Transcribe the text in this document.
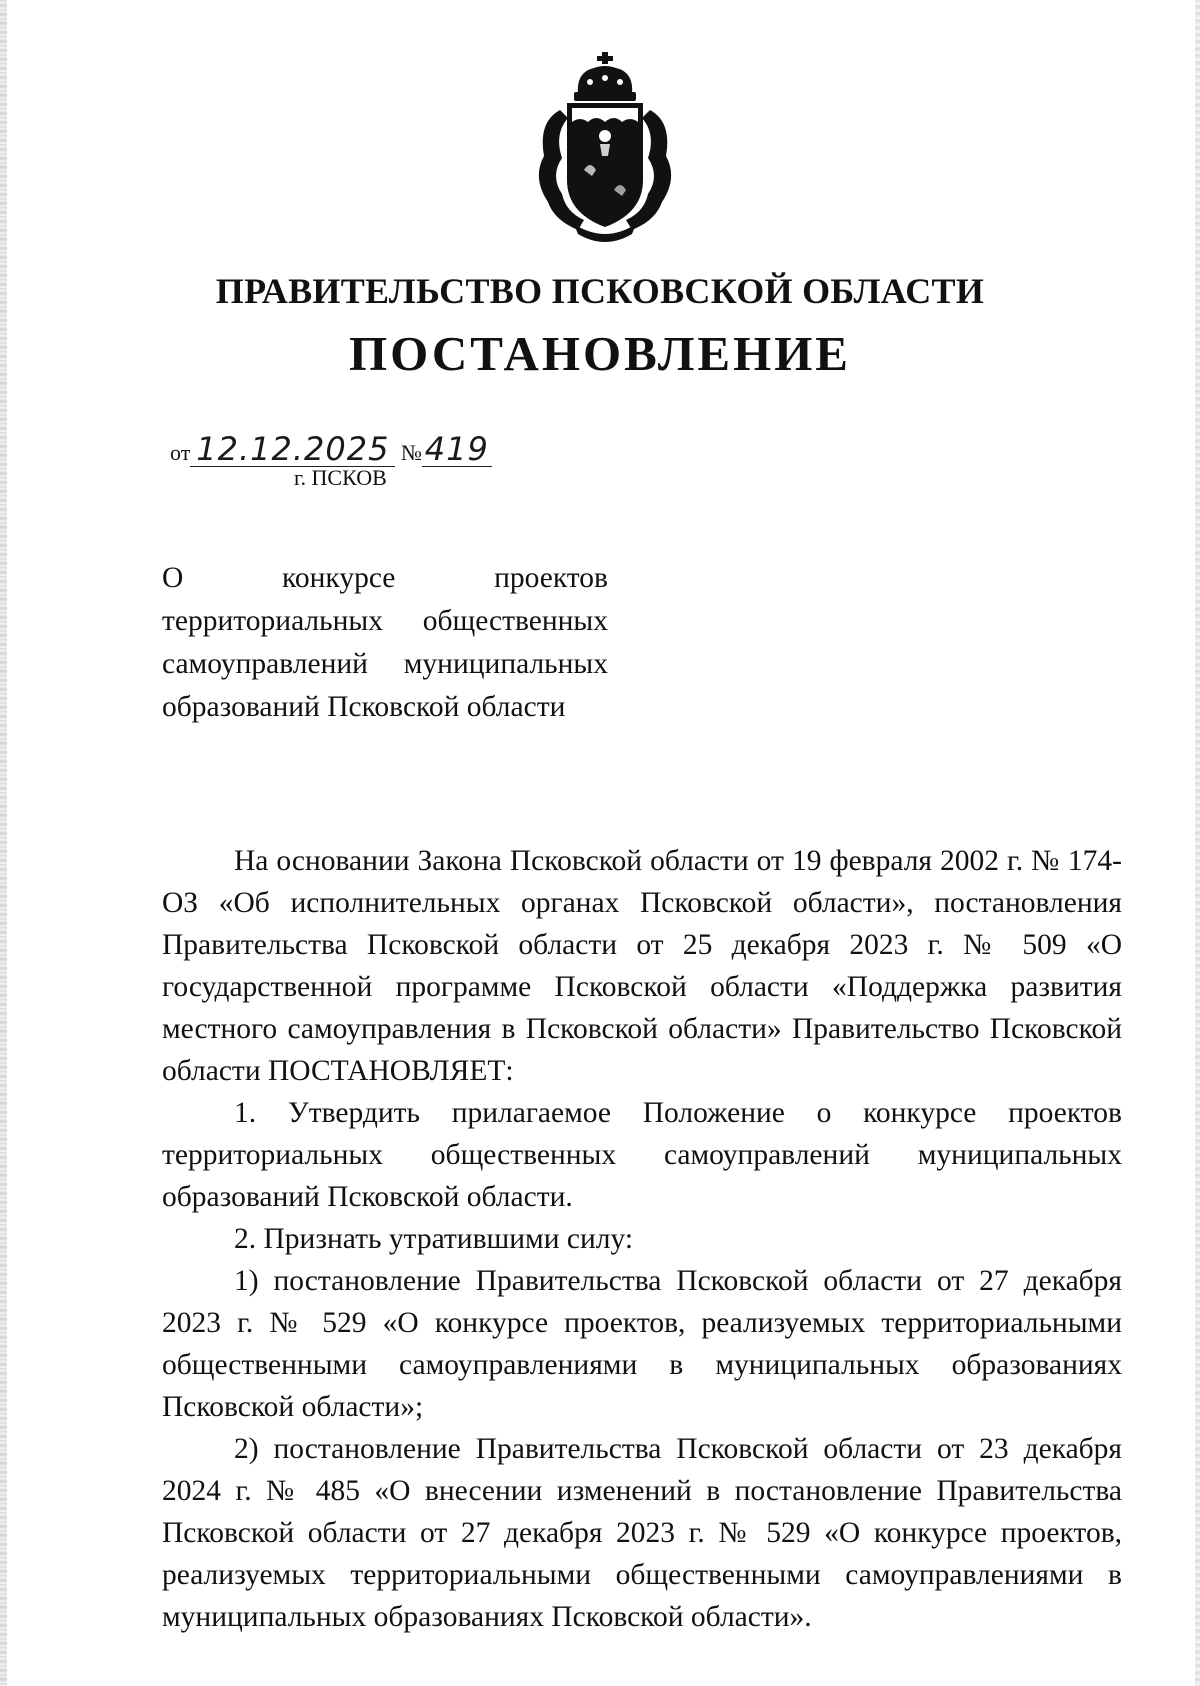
ПРАВИТЕЛЬСТВО ПСКОВСКОЙ ОБЛАСТИ
ПОСТАНОВЛЕНИЕ
от 12.12.2025 №419
г. ПСКОВ
О конкурсе проектов территориальных общественных самоуправлений муниципальных образований Псковской области

На основании Закона Псковской области от 19 февраля 2002 г. № 174-ОЗ «Об исполнительных органах Псковской области», постановления Правительства Псковской области от 25 декабря 2023 г. № 509 «О государственной программе Псковской области «Поддержка развития местного самоуправления в Псковской области» Правительство Псковской области ПОСТАНОВЛЯЕТ:

1. Утвердить прилагаемое Положение о конкурсе проектов территориальных общественных самоуправлений муниципальных образований Псковской области.

2. Признать утратившими силу:

1) постановление Правительства Псковской области от 27 декабря 2023 г. № 529 «О конкурсе проектов, реализуемых территориальными общественными самоуправлениями в муниципальных образованиях Псковской области»;

2) постановление Правительства Псковской области от 23 декабря 2024 г. № 485 «О внесении изменений в постановление Правительства Псковской области от 27 декабря 2023 г. № 529 «О конкурсе проектов, реализуемых территориальными общественными самоуправлениями в муниципальных образованиях Псковской области».
